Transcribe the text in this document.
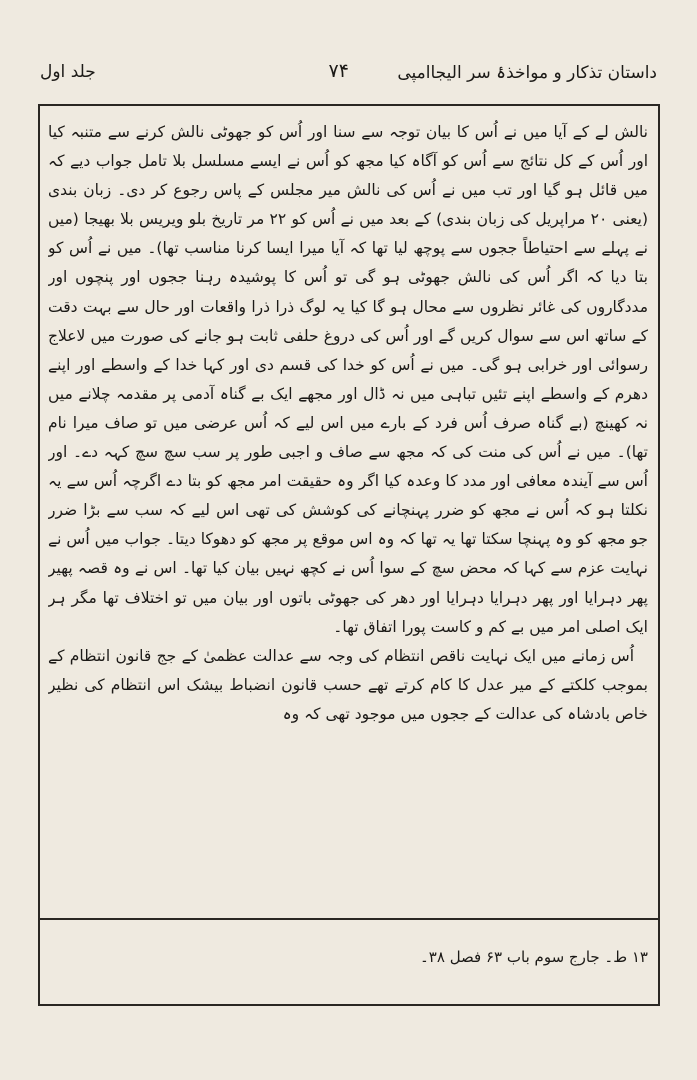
داستان تذکار و مواخذۂ سر الیجاامپی
۷۴
جلد اول

نالش لے کے آیا میں نے اُس کا بیان توجہ سے سنا اور اُس کو جھوٹی نالش کرنے سے متنبہ کیا اور اُس کے کل نتائج سے اُس کو آگاہ کیا مجھ کو اُس نے ایسے مسلسل بلا تامل جواب دیے کہ میں قائل ہو گیا اور تب میں نے اُس کی نالش میر مجلس کے پاس رجوع کر دی۔ زبان بندی (یعنی ۲۰ مراپریل کی زبان بندی) کے بعد میں نے اُس کو ۲۲ مر تاریخ بلو ویریس بلا بھیجا (میں نے پہلے سے احتیاطاً ججوں سے پوچھ لیا تھا کہ آیا میرا ایسا کرنا مناسب تھا)۔ میں نے اُس کو بتا دیا کہ اگر اُس کی نالش جھوٹی ہو گی تو اُس کا پوشیدہ رہنا ججوں اور پنچوں اور مددگاروں کی غائر نظروں سے محال ہو گا کیا یہ لوگ ذرا ذرا واقعات اور حال سے بہت دقت کے ساتھ اس سے سوال کریں گے اور اُس کی دروغ حلفی ثابت ہو جانے کی صورت میں لاعلاج رسوائی اور خرابی ہو گی۔ میں نے اُس کو خدا کی قسم دی اور کہا خدا کے واسطے اور اپنے دھرم کے واسطے اپنے تئیں تباہی میں نہ ڈال اور مجھے ایک بے گناہ آدمی پر مقدمہ چلانے میں نہ کھینچ (بے گناہ صرف اُس فرد کے بارے میں اس لیے کہ اُس عرضی میں تو صاف میرا نام تھا)۔ میں نے اُس کی منت کی کہ مجھ سے صاف و اجبی طور پر سب سچ سچ کہہ دے۔ اور اُس سے آیندہ معافی اور مدد کا وعدہ کیا اگر وہ حقیقت امر مجھ کو بتا دے اگرچہ اُس سے یہ نکلتا ہو کہ اُس نے مجھ کو ضرر پہنچانے کی کوشش کی تھی اس لیے کہ سب سے بڑا ضرر جو مجھ کو وہ پہنچا سکتا تھا یہ تھا کہ وہ اس موقع پر مجھ کو دھوکا دیتا۔ جواب میں اُس نے نہایت عزم سے کہا کہ محض سچ کے سوا اُس نے کچھ نہیں بیان کیا تھا۔ اس نے وہ قصہ پھیر پھر دہرایا اور پھر دہرایا دہرایا اور دھر کی جھوٹی باتوں اور بیان میں تو اختلاف تھا مگر ہر ایک اصلی امر میں بے کم و کاست پورا اتفاق تھا۔

اُس زمانے میں ایک نہایت ناقص انتظام کی وجہ سے عدالت عظمیٰ کے جج قانون انتظام کے بموجب کلکتے کے میر عدل کا کام کرتے تھے حسب قانون انضباط بیشک اس انتظام کی نظیر خاص بادشاہ کی عدالت کے ججوں میں موجود تھی کہ وہ

۱۳ ط۔ جارج سوم باب ۶۳ فصل ۳۸۔
